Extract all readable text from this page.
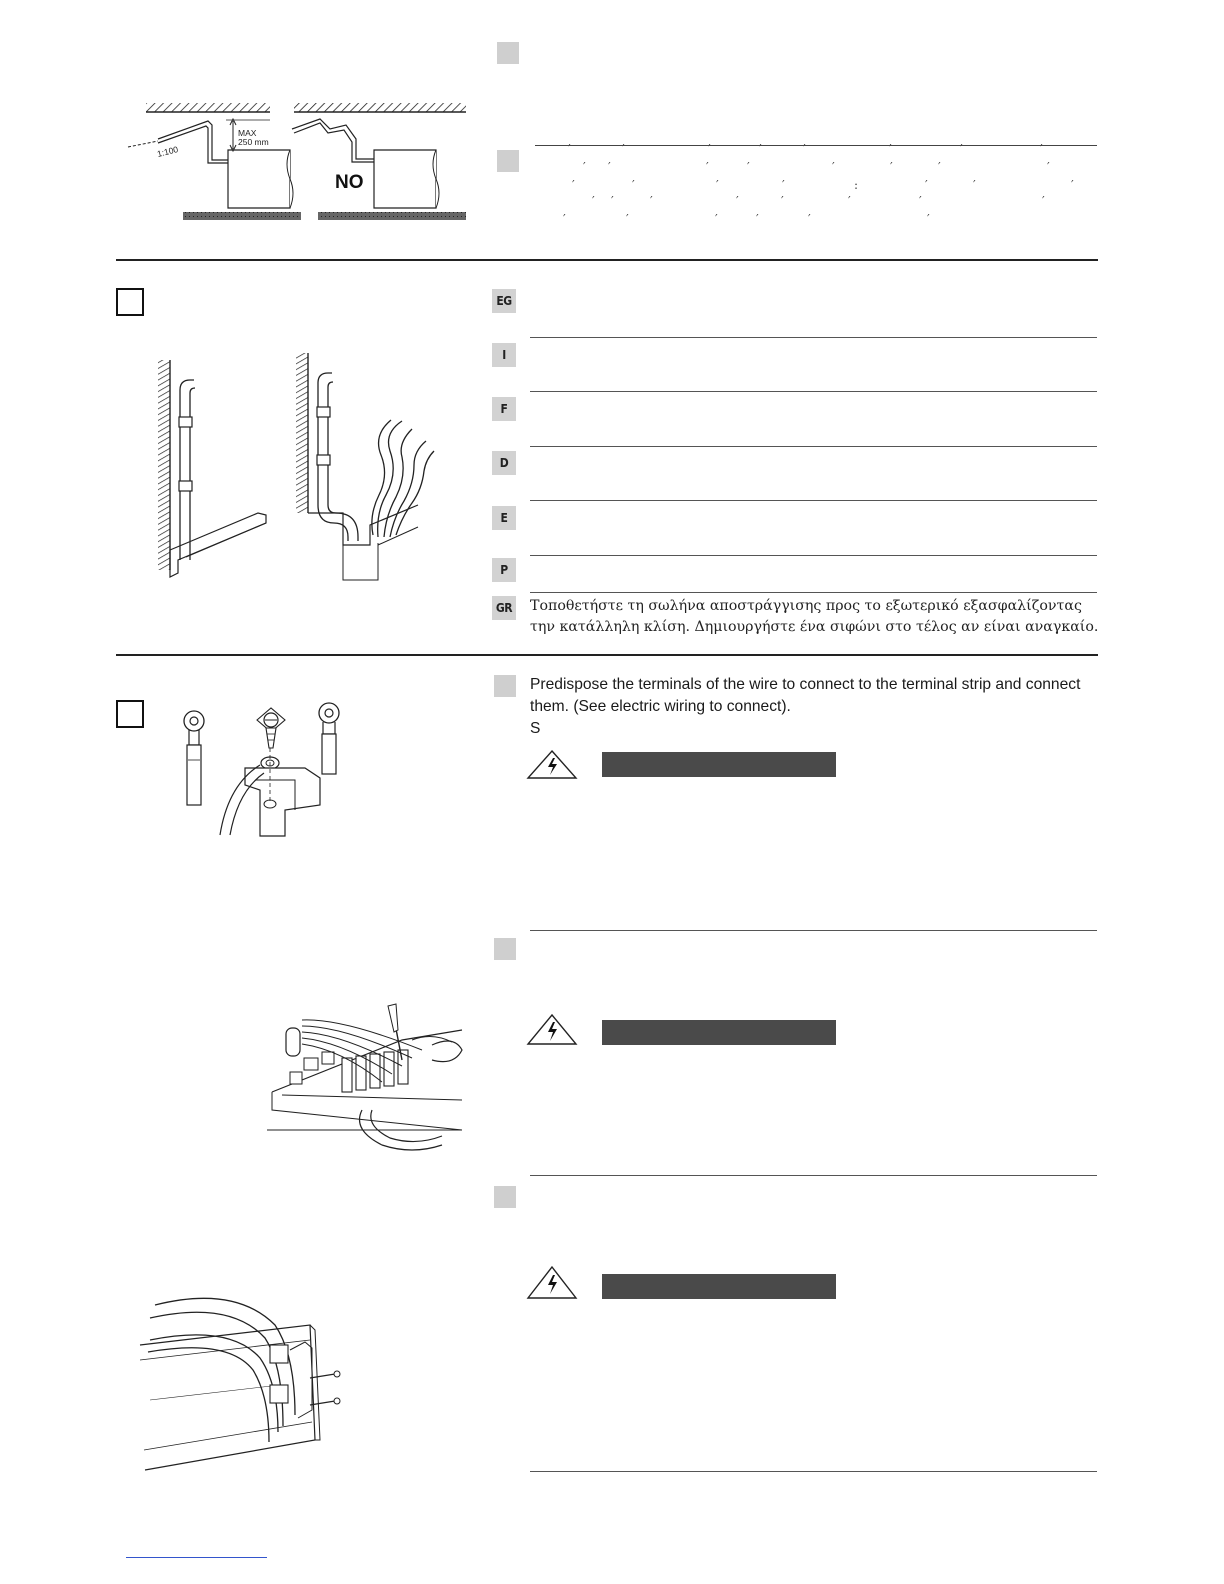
′	′	′	′	′	′	′	′
′ ′	′	′	′	′	′	′
′	′	′	′	:	′	′	′
′ ′	′	′	′	′	′	′
′	′	′	′	′	′
MAX
250 mm
1:100
NO
EG
I
F
D
E
P
GR Τοποθετήστε τη σωλήνα αποστράγγισης προς το εξωτερικό εξασφαλίζοντας την κατάλληλη κλίση. Δημιουργήστε ένα σιφώνι στο τέλος αν είναι αναγκαίο.
Predispose the terminals of the wire to connect to the terminal strip and connect them. (See electric wiring to connect).
S
